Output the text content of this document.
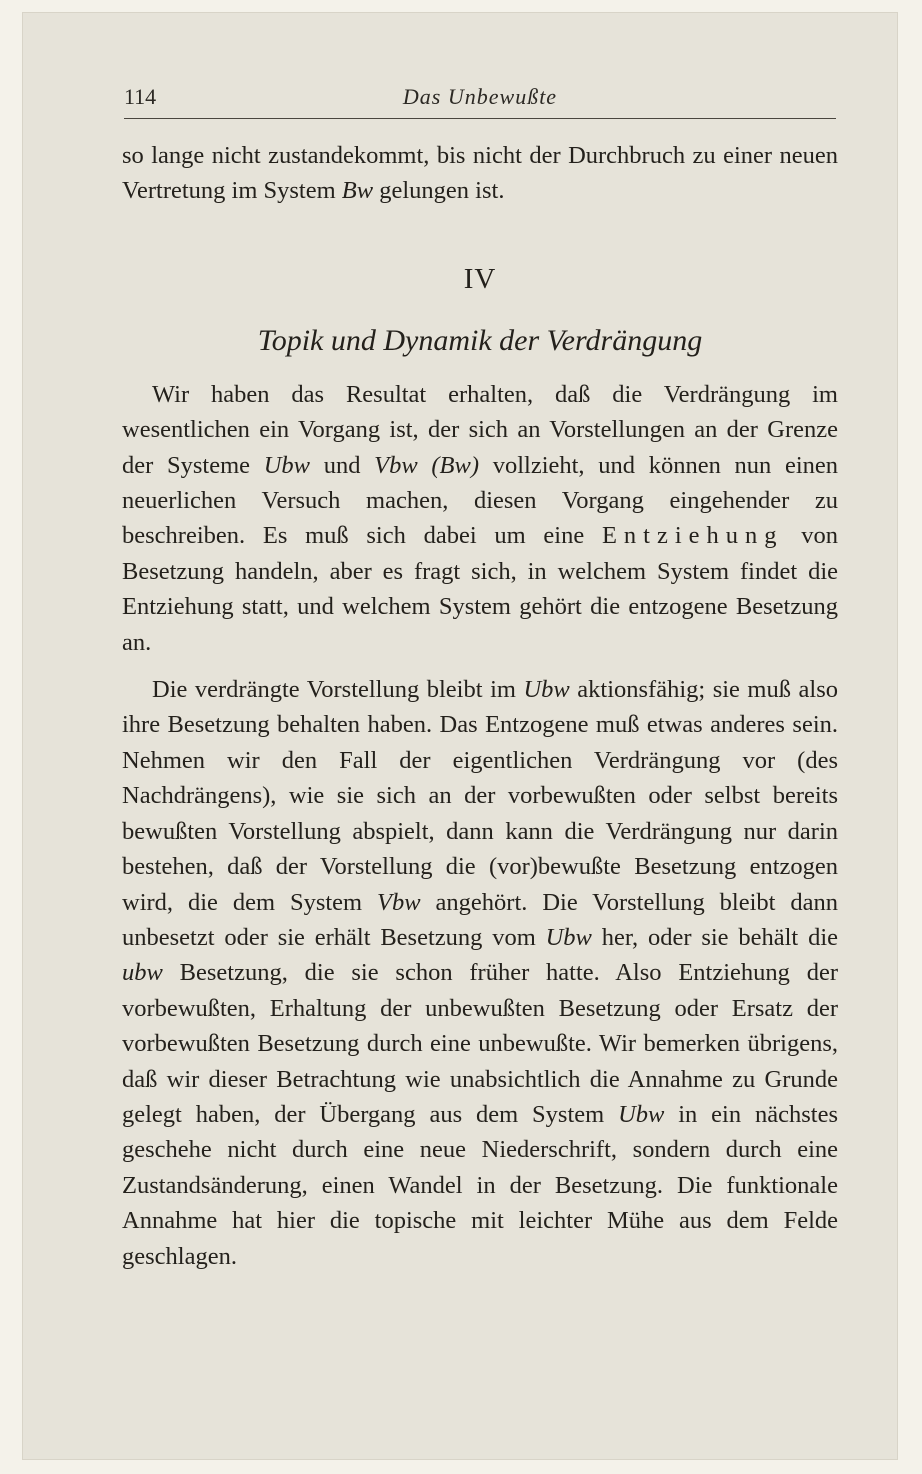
114	Das Unbewußte

so lange nicht zustandekommt, bis nicht der Durchbruch zu einer neuen Vertretung im System Bw gelungen ist.

IV
Topik und Dynamik der Verdrängung

Wir haben das Resultat erhalten, daß die Verdrängung im wesentlichen ein Vorgang ist, der sich an Vorstellungen an der Grenze der Systeme Ubw und Vbw (Bw) vollzieht, und können nun einen neuerlichen Versuch machen, diesen Vorgang eingehender zu beschreiben. Es muß sich dabei um eine Entziehung von Besetzung handeln, aber es fragt sich, in welchem System findet die Entziehung statt, und welchem System gehört die entzogene Besetzung an.

Die verdrängte Vorstellung bleibt im Ubw aktionsfähig; sie muß also ihre Besetzung behalten haben. Das Entzogene muß etwas anderes sein. Nehmen wir den Fall der eigentlichen Verdrängung vor (des Nachdrängens), wie sie sich an der vorbewußten oder selbst bereits bewußten Vorstellung abspielt, dann kann die Verdrängung nur darin bestehen, daß der Vorstellung die (vor)bewußte Besetzung entzogen wird, die dem System Vbw angehört. Die Vorstellung bleibt dann unbesetzt oder sie erhält Besetzung vom Ubw her, oder sie behält die ubw Besetzung, die sie schon früher hatte. Also Entziehung der vorbewußten, Erhaltung der unbewußten Besetzung oder Ersatz der vorbewußten Besetzung durch eine unbewußte. Wir bemerken übrigens, daß wir dieser Betrachtung wie unabsichtlich die Annahme zu Grunde gelegt haben, der Übergang aus dem System Ubw in ein nächstes geschehe nicht durch eine neue Niederschrift, sondern durch eine Zustandsänderung, einen Wandel in der Besetzung. Die funktionale Annahme hat hier die topische mit leichter Mühe aus dem Felde geschlagen.
